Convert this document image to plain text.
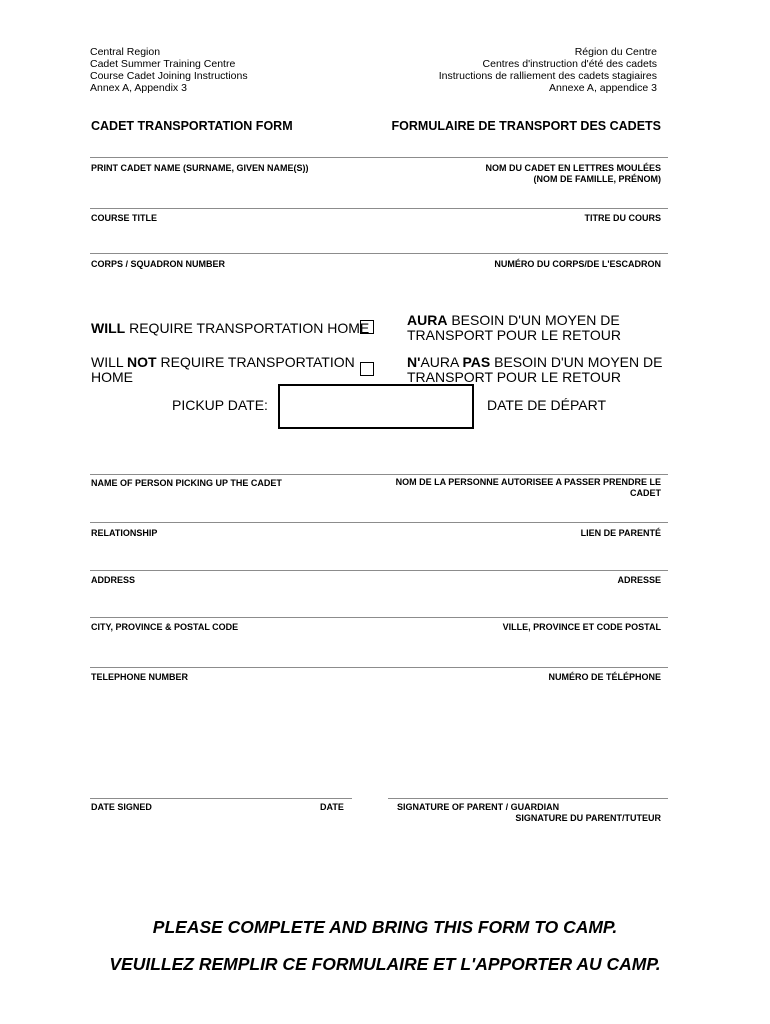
Central Region
Cadet Summer Training Centre
Course Cadet Joining Instructions
Annex A, Appendix 3
Région du Centre
Centres d'instruction d'été des cadets
Instructions de ralliement des cadets stagiaires
Annexe A, appendice 3
CADET TRANSPORTATION FORM	FORMULAIRE DE TRANSPORT DES CADETS
PRINT CADET NAME (SURNAME, GIVEN NAME(S))	NOM DU CADET EN LETTRES MOULÉES
(NOM DE FAMILLE, PRÉNOM)
COURSE TITLE	TITRE DU COURS
CORPS / SQUADRON NUMBER	NUMÉRO DU CORPS/DE L'ESCADRON
WILL REQUIRE TRANSPORTATION HOME	AURA BESOIN D'UN MOYEN DE
TRANSPORT POUR LE RETOUR
WILL NOT REQUIRE TRANSPORTATION
HOME
N'AURA PAS BESOIN D'UN MOYEN DE
TRANSPORT POUR LE RETOUR
PICKUP DATE:	DATE DE DÉPART
NAME OF PERSON PICKING UP THE CADET	NOM DE LA PERSONNE AUTORISEE A PASSER PRENDRE LE
CADET
RELATIONSHIP	LIEN DE PARENTÉ
ADDRESS	ADRESSE
CITY, PROVINCE & POSTAL CODE	VILLE, PROVINCE ET CODE POSTAL
TELEPHONE NUMBER	NUMÉRO DE TÉLÉPHONE
DATE SIGNED	DATE	SIGNATURE OF PARENT / GUARDIAN
SIGNATURE DU PARENT/TUTEUR
PLEASE COMPLETE AND BRING THIS FORM TO CAMP.
VEUILLEZ REMPLIR CE FORMULAIRE ET L'APPORTER AU CAMP.
